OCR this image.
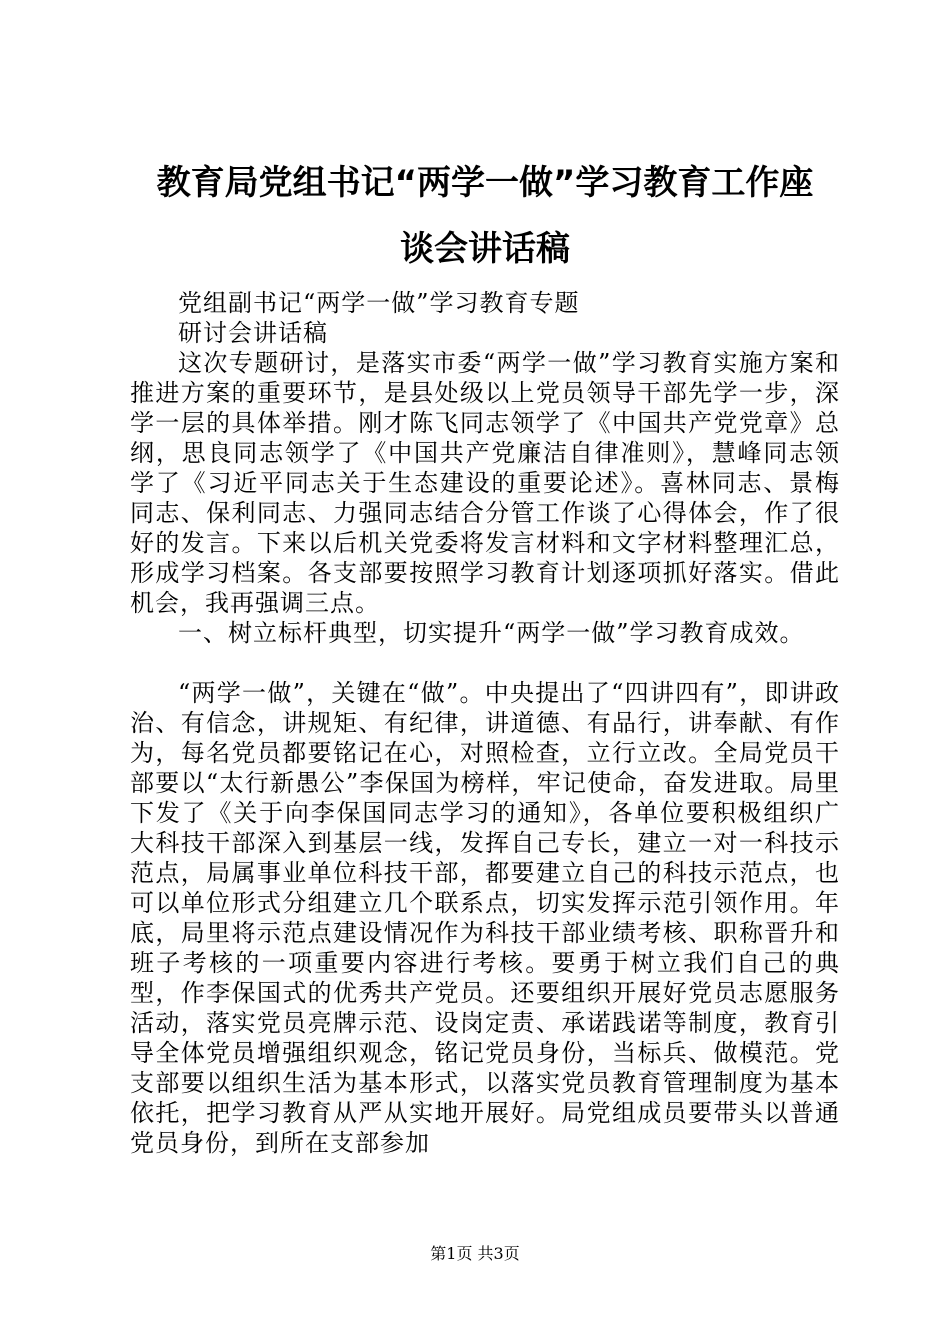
教育局党组书记“两学一做”学习教育工作座
谈会讲话稿

党组副书记“两学一做”学习教育专题

研讨会讲话稿

这次专题研讨，是落实市委“两学一做”学习教育实施方案和推进方案的重要环节，是县处级以上党员领导干部先学一步，深学一层的具体举措。刚才陈飞同志领学了《中国共产党党章》总纲，思良同志领学了《中国共产党廉洁自律准则》，慧峰同志领学了《习近平同志关于生态建设的重要论述》。喜林同志、景梅同志、保利同志、力强同志结合分管工作谈了心得体会，作了很好的发言。下来以后机关党委将发言材料和文字材料整理汇总，形成学习档案。各支部要按照学习教育计划逐项抓好落实。借此机会，我再强调三点。

一、树立标杆典型，切实提升“两学一做”学习教育成效。

“两学一做”，关键在“做”。中央提出了“四讲四有”，即讲政治、有信念，讲规矩、有纪律，讲道德、有品行，讲奉献、有作为，每名党员都要铭记在心，对照检查，立行立改。全局党员干部要以“太行新愚公”李保国为榜样，牢记使命，奋发进取。局里下发了《关于向李保国同志学习的通知》，各单位要积极组织广大科技干部深入到基层一线，发挥自己专长，建立一对一科技示范点，局属事业单位科技干部，都要建立自己的科技示范点，也可以单位形式分组建立几个联系点，切实发挥示范引领作用。年底，局里将示范点建设情况作为科技干部业绩考核、职称晋升和班子考核的一项重要内容进行考核。要勇于树立我们自己的典型，作李保国式的优秀共产党员。还要组织开展好党员志愿服务活动，落实党员亮牌示范、设岗定责、承诺践诺等制度，教育引导全体党员增强组织观念，铭记党员身份，当标兵、做模范。党支部要以组织生活为基本形式，以落实党员教育管理制度为基本依托，把学习教育从严从实地开展好。局党组成员要带头以普通党员身份，到所在支部参加

第1页 共3页
